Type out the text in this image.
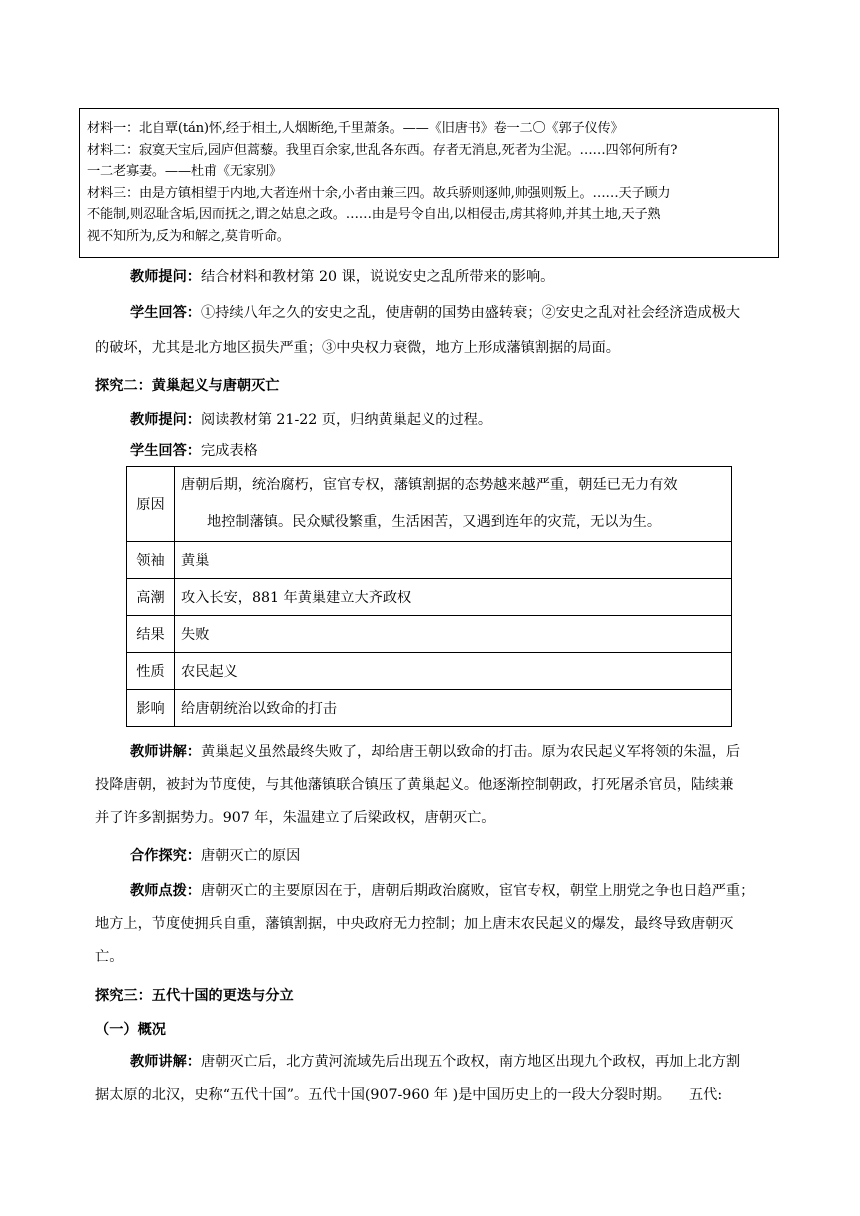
材料一：北自覃(tán)怀,经于相土,人烟断绝,千里萧条。——《旧唐书》卷一二〇《郭子仪传》
材料二：寂寞天宝后,园庐但蒿藜。我里百余家,世乱各东西。存者无消息,死者为尘泥。……四邻何所有?
一二老寡妻。——杜甫《无家别》
材料三：由是方镇相望于内地,大者连州十余,小者由兼三四。故兵骄则逐帅,帅强则叛上。……天子顾力
不能制,则忍耻含垢,因而抚之,谓之姑息之政。……由是号令自出,以相侵击,虏其将帅,并其土地,天子熟
视不知所为,反为和解之,莫肯听命。
教师提问：结合材料和教材第 20 课，说说安史之乱所带来的影响。
学生回答：①持续八年之久的安史之乱，使唐朝的国势由盛转衰；②安史之乱对社会经济造成极大
的破坏，尤其是北方地区损失严重；③中央权力衰微，地方上形成藩镇割据的局面。
探究二：黄巢起义与唐朝灭亡
教师提问：阅读教材第 21-22 页，归纳黄巢起义的过程。
学生回答：完成表格
原因	唐朝后期，统治腐朽，宦官专权，藩镇割据的态势越来越严重，朝廷已无力有效
地控制藩镇。民众赋役繁重，生活困苦，又遇到连年的灾荒，无以为生。

领袖	黄巢
高潮	攻入长安，881 年黄巢建立大齐政权
结果	失败
性质	农民起义
影响	给唐朝统治以致命的打击
教师讲解：黄巢起义虽然最终失败了，却给唐王朝以致命的打击。原为农民起义军将领的朱温，后
投降唐朝，被封为节度使，与其他藩镇联合镇压了黄巢起义。他逐渐控制朝政，打死屠杀官员，陆续兼
并了许多割据势力。907 年，朱温建立了后梁政权，唐朝灭亡。
合作探究：唐朝灭亡的原因
教师点拨：唐朝灭亡的主要原因在于，唐朝后期政治腐败，宦官专权，朝堂上朋党之争也日趋严重；
地方上，节度使拥兵自重，藩镇割据，中央政府无力控制；加上唐末农民起义的爆发，最终导致唐朝灭
亡。
探究三：五代十国的更迭与分立
（一）概况
教师讲解：唐朝灭亡后，北方黄河流域先后出现五个政权，南方地区出现九个政权，再加上北方割
据太原的北汉，史称“五代十国”。五代十国(907-960 年 )是中国历史上的一段大分裂时期。    五代:
